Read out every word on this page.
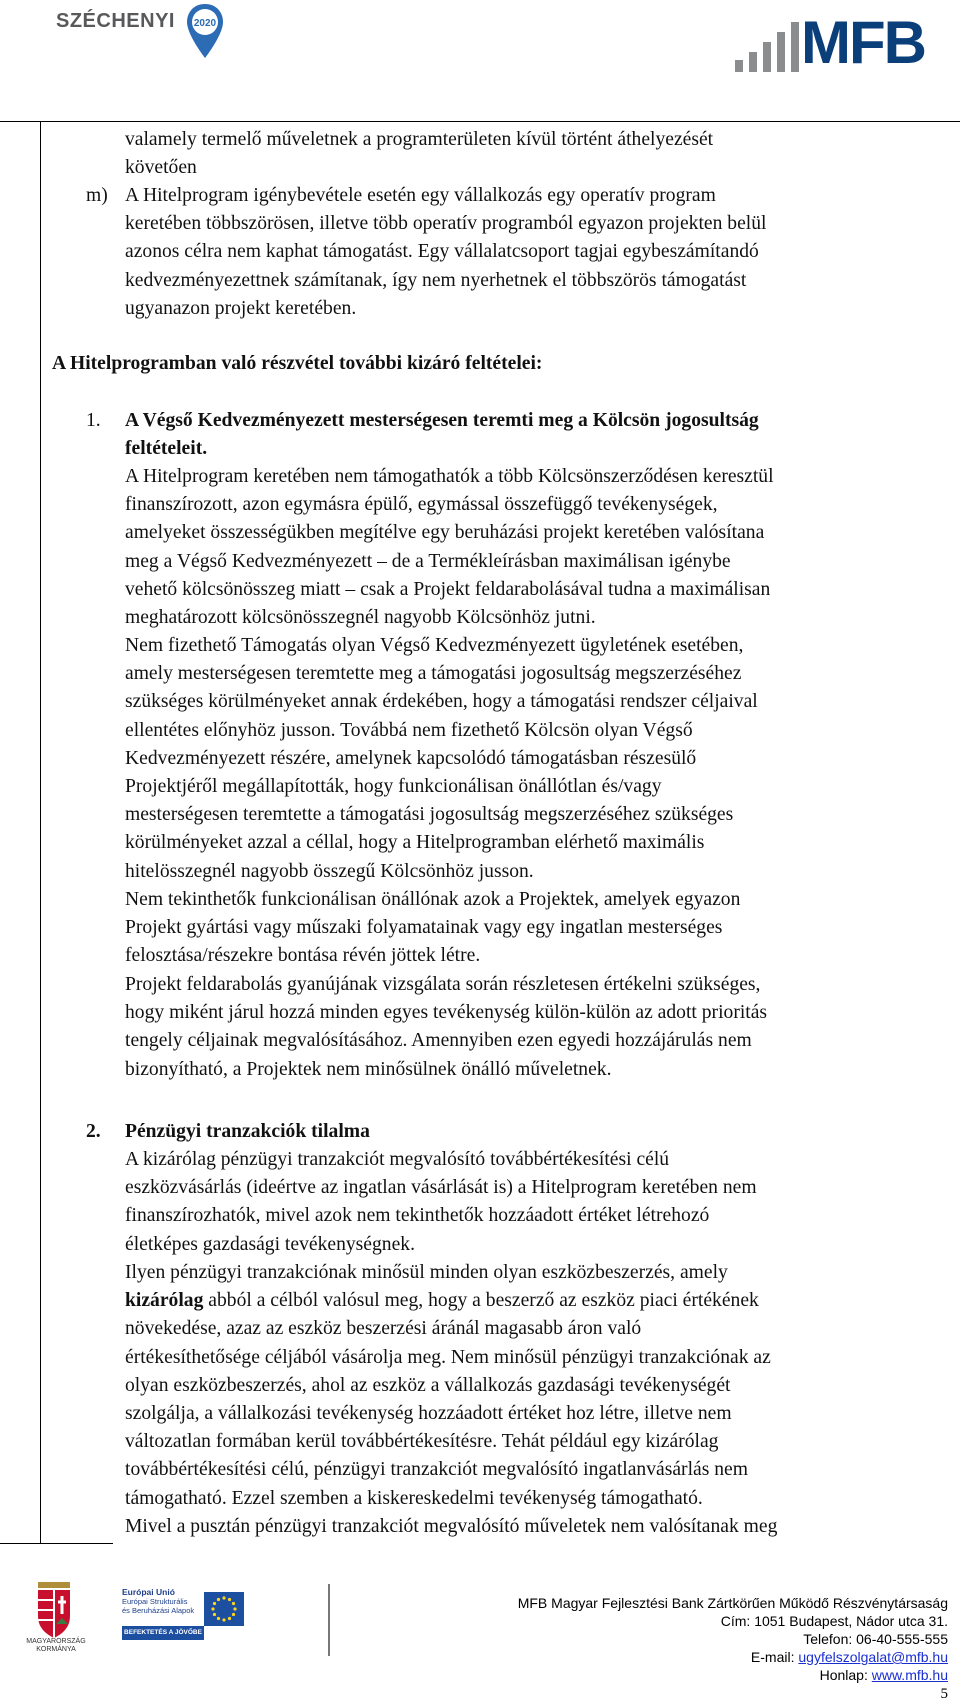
SZÉCHENYI 2020	MFB
valamely termelő műveletnek a programterületen kívül történt áthelyezését
követően
m) A Hitelprogram igénybevétele esetén egy vállalkozás egy operatív program
keretében többszörösen, illetve több operatív programból egyazon projekten belül
azonos célra nem kaphat támogatást. Egy vállalatcsoport tagjai egybeszámítandó
kedvezményezettnek számítanak, így nem nyerhetnek el többszörös támogatást
ugyanazon projekt keretében.
A Hitelprogramban való részvétel további kizáró feltételei:
1. A Végső Kedvezményezett mesterségesen teremti meg a Kölcsön jogosultság
feltételeit.
A Hitelprogram keretében nem támogathatók a több Kölcsönszerződésen keresztül
finanszírozott, azon egymásra épülő, egymással összefüggő tevékenységek,
amelyeket összességükben megítélve egy beruházási projekt keretében valósítana
meg a Végső Kedvezményezett – de a Termékleírásban maximálisan igénybe
vehető kölcsönösszeg miatt – csak a Projekt feldarabolásával tudna a maximálisan
meghatározott kölcsönösszegnél nagyobb Kölcsönhöz jutni.
Nem fizethető Támogatás olyan Végső Kedvezményezett ügyletének esetében,
amely mesterségesen teremtette meg a támogatási jogosultság megszerzéséhez
szükséges körülményeket annak érdekében, hogy a támogatási rendszer céljaival
ellentétes előnyhöz jusson. Továbbá nem fizethető Kölcsön olyan Végső
Kedvezményezett részére, amelynek kapcsolódó támogatásban részesülő
Projektjéről megállapították, hogy funkcionálisan önállótlan és/vagy
mesterségesen teremtette a támogatási jogosultság megszerzéséhez szükséges
körülményeket azzal a céllal, hogy a Hitelprogramban elérhető maximális
hitelösszegnél nagyobb összegű Kölcsönhöz jusson.
Nem tekinthetők funkcionálisan önállónak azok a Projektek, amelyek egyazon
Projekt gyártási vagy műszaki folyamatainak vagy egy ingatlan mesterséges
felosztása/részekre bontása révén jöttek létre.
Projekt feldarabolás gyanújának vizsgálata során részletesen értékelni szükséges,
hogy miként járul hozzá minden egyes tevékenység külön-külön az adott prioritás
tengely céljainak megvalósításához. Amennyiben ezen egyedi hozzájárulás nem
bizonyítható, a Projektek nem minősülnek önálló műveletnek.
2. Pénzügyi tranzakciók tilalma
A kizárólag pénzügyi tranzakciót megvalósító továbbértékesítési célú
eszközvásárlás (ideértve az ingatlan vásárlását is) a Hitelprogram keretében nem
finanszírozhatók, mivel azok nem tekinthetők hozzáadott értéket létrehozó
életképes gazdasági tevékenységnek.
Ilyen pénzügyi tranzakciónak minősül minden olyan eszközbeszerzés, amely
kizárólag abból a célból valósul meg, hogy a beszerző az eszköz piaci értékének
növekedése, azaz az eszköz beszerzési áránál magasabb áron való
értékesíthetősége céljából vásárolja meg. Nem minősül pénzügyi tranzakciónak az
olyan eszközbeszerzés, ahol az eszköz a vállalkozás gazdasági tevékenységét
szolgálja, a vállalkozási tevékenység hozzáadott értéket hoz létre, illetve nem
változatlan formában kerül továbbértékesítésre. Tehát például egy kizárólag
továbbértékesítési célú, pénzügyi tranzakciót megvalósító ingatlanvásárlás nem
támogatható. Ezzel szemben a kiskereskedelmi tevékenység támogatható.
Mivel a pusztán pénzügyi tranzakciót megvalósító műveletek nem valósítanak meg
MAGYARORSZÁG
KORMÁNYA
Európai Unió
Európai Strukturális
és Beruházási Alapok
BEFEKTETÉS A JÖVŐBE
MFB Magyar Fejlesztési Bank Zártkörűen Működő Részvénytársaság
Cím: 1051 Budapest, Nádor utca 31.
Telefon: 06-40-555-555
E-mail: ugyfelszolgalat@mfb.hu
Honlap: www.mfb.hu
5
